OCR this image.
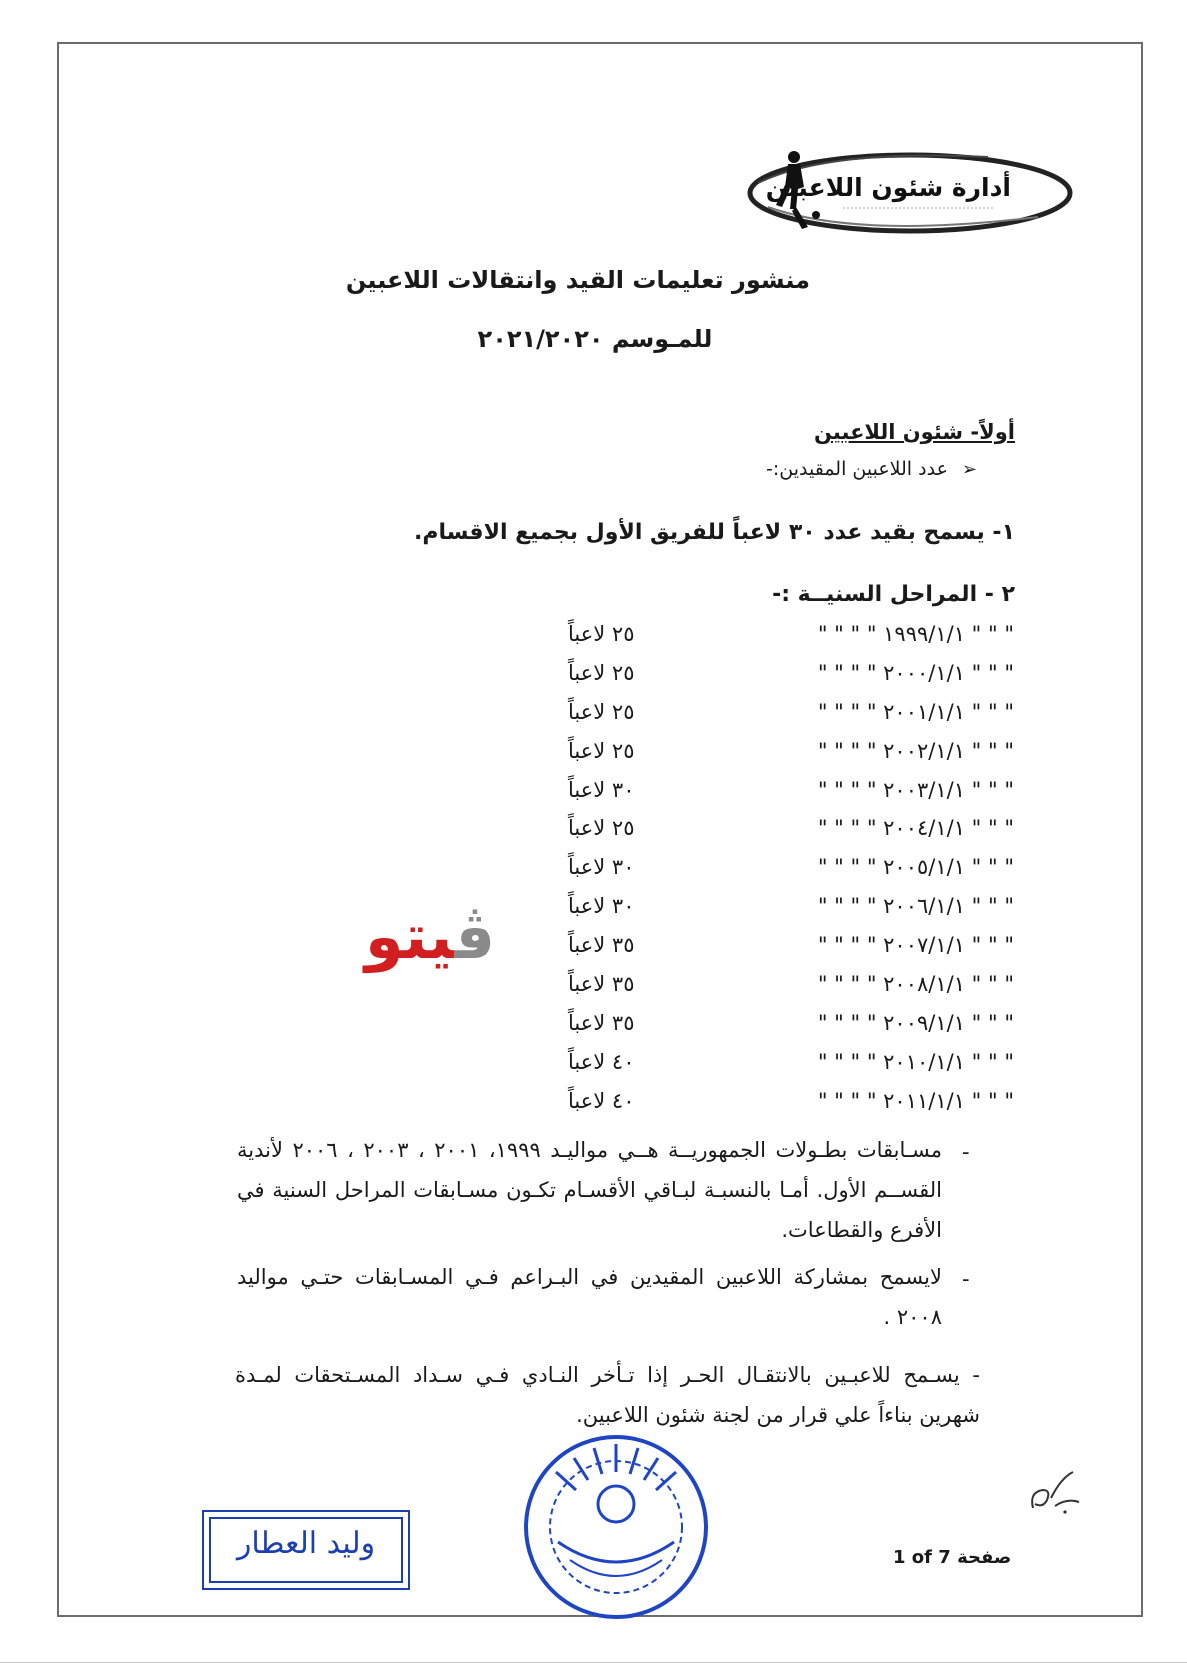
أدارة شئون اللاعبين
منشور تعليمات القيد وانتقالات اللاعبين
للمـوسم ٢٠٢١/٢٠٢٠
أولاً- شئون اللاعبين
➢عدد اللاعبين المقيدين:-
١- يسمح بقيد عدد ٣٠ لاعباً للفريق الأول بجميع الاقسام.
٢ - المراحل السنيــة :-
" " " ١٩٩٩/١/١ " " " "
٢٥ لاعباً
" " " ٢٠٠٠/١/١ " " " "
٢٥ لاعباً
" " " ٢٠٠١/١/١ " " " "
٢٥ لاعباً
" " " ٢٠٠٢/١/١ " " " "
٢٥ لاعباً
" " " ٢٠٠٣/١/١ " " " "
٣٠ لاعباً
" " " ٢٠٠٤/١/١ " " " "
٢٥ لاعباً
" " " ٢٠٠٥/١/١ " " " "
٣٠ لاعباً
" " " ٢٠٠٦/١/١ " " " "
٣٠ لاعباً
" " " ٢٠٠٧/١/١ " " " "
٣٥ لاعباً
" " " ٢٠٠٨/١/١ " " " "
٣٥ لاعباً
" " " ٢٠٠٩/١/١ " " " "
٣٥ لاعباً
" " " ٢٠١٠/١/١ " " " "
٤٠ لاعباً
" " " ٢٠١١/١/١ " " " "
٤٠ لاعباً
ڨيتو
-
مسـابقات بطـولات الجمهوريــة هــي مواليـد ١٩٩٩، ٢٠٠١ ، ٢٠٠٣ ، ٢٠٠٦ لأندية القســم الأول. أمـا بالنسبـة لبـاقي الأقسـام تكـون مسـابقات المراحل السنية في الأفرع والقطاعات.
-
لايسمح بمشاركة اللاعبين المقيدين في البـراعم فـي المسـابقات حتـي مواليد ٢٠٠٨ .
- يسـمح للاعبـين بالانتقـال الحـر إذا تـأخر النـادي فـي سـداد المسـتحقات لمـدة شهرين بناءاً علي قرار من لجنة شئون اللاعبين.
وليد العطار	1 of 7 صفحة
